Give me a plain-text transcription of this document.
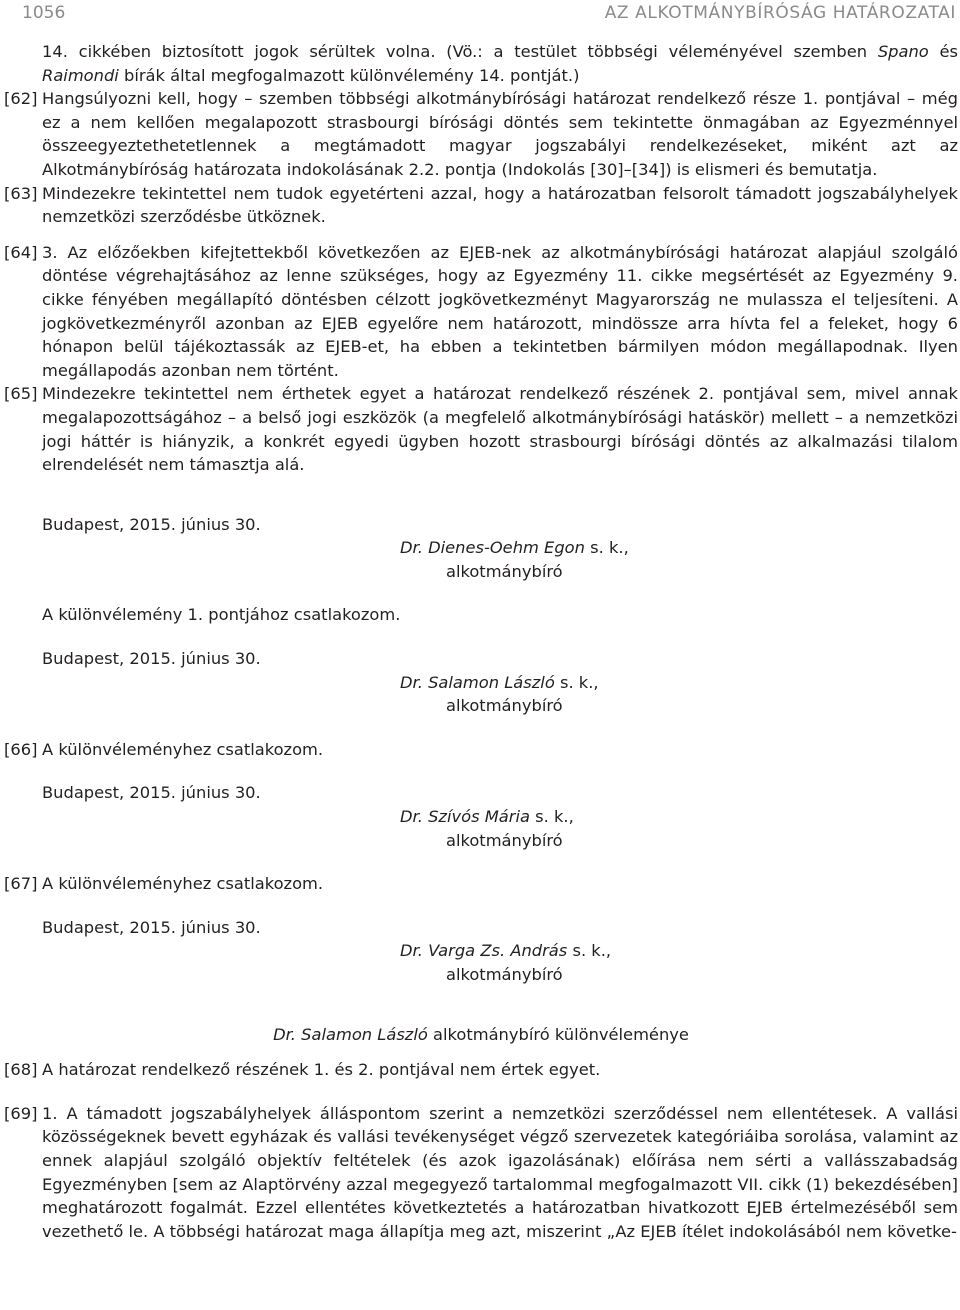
1056	AZ ALKOTMÁNYBÍRÓSÁG HATÁROZATAI
14. cikkében biztosított jogok sérültek volna. (Vö.: a testület többségi véleményével szemben Spano és Raimondi bírák által megfogalmazott különvélemény 14. pontját.)
[62] Hangsúlyozni kell, hogy – szemben többségi alkotmánybírósági határozat rendelkező része 1. pontjával – még ez a nem kellően megalapozott strasbourgi bírósági döntés sem tekintette önmagában az Egyezménnyel összeegyeztethetetlennek a megtámadott magyar jogszabályi rendelkezéseket, miként azt az Alkotmánybíróság határozata indokolásának 2.2. pontja (Indokolás [30]–[34]) is elismeri és bemutatja.
[63] Mindezekre tekintettel nem tudok egyetérteni azzal, hogy a határozatban felsorolt támadott jogszabályhelyek nemzetközi szerződésbe ütköznek.
[64] 3. Az előzőekben kifejtettekből következően az EJEB-nek az alkotmánybírósági határozat alapjául szolgáló döntése végrehajtásához az lenne szükséges, hogy az Egyezmény 11. cikke megsértését az Egyezmény 9. cikke fényében megállapító döntésben célzott jogkövetkezményt Magyarország ne mulassza el teljesíteni. A jogkövetkezményről azonban az EJEB egyelőre nem határozott, mindössze arra hívta fel a feleket, hogy 6 hónapon belül tájékoztassák az EJEB-et, ha ebben a tekintetben bármilyen módon megállapodnak. Ilyen megállapodás azonban nem történt.
[65] Mindezekre tekintettel nem érthetek egyet a határozat rendelkező részének 2. pontjával sem, mivel annak megalapozottságához – a belső jogi eszközök (a megfelelő alkotmánybírósági hatáskör) mellett – a nemzetközi jogi háttér is hiányzik, a konkrét egyedi ügyben hozott strasbourgi bírósági döntés az alkalmazási tilalom elrendelését nem támasztja alá.
Budapest, 2015. június 30.
Dr. Dienes-Oehm Egon s. k.,
alkotmánybíró
A különvélemény 1. pontjához csatlakozom.
Budapest, 2015. június 30.
Dr. Salamon László s. k.,
alkotmánybíró
[66] A különvéleményhez csatlakozom.
Budapest, 2015. június 30.
Dr. Szívós Mária s. k.,
alkotmánybíró
[67] A különvéleményhez csatlakozom.
Budapest, 2015. június 30.
Dr. Varga Zs. András s. k.,
alkotmánybíró
Dr. Salamon László alkotmánybíró különvéleménye
[68] A határozat rendelkező részének 1. és 2. pontjával nem értek egyet.
[69] 1. A támadott jogszabályhelyek álláspontom szerint a nemzetközi szerződéssel nem ellentétesek. A vallási közösségeknek bevett egyházak és vallási tevékenységet végző szervezetek kategóriáiba sorolása, valamint az ennek alapjául szolgáló objektív feltételek (és azok igazolásának) előírása nem sérti a vallásszabadság Egyezményben [sem az Alaptörvény azzal megegyező tartalommal megfogalmazott VII. cikk (1) bekezdésében] meghatározott fogalmát. Ezzel ellentétes következtetés a határozatban hivatkozott EJEB értelmezéséből sem vezethető le. A többségi határozat maga állapítja meg azt, miszerint „Az EJEB ítélet indokolásából nem követke-
